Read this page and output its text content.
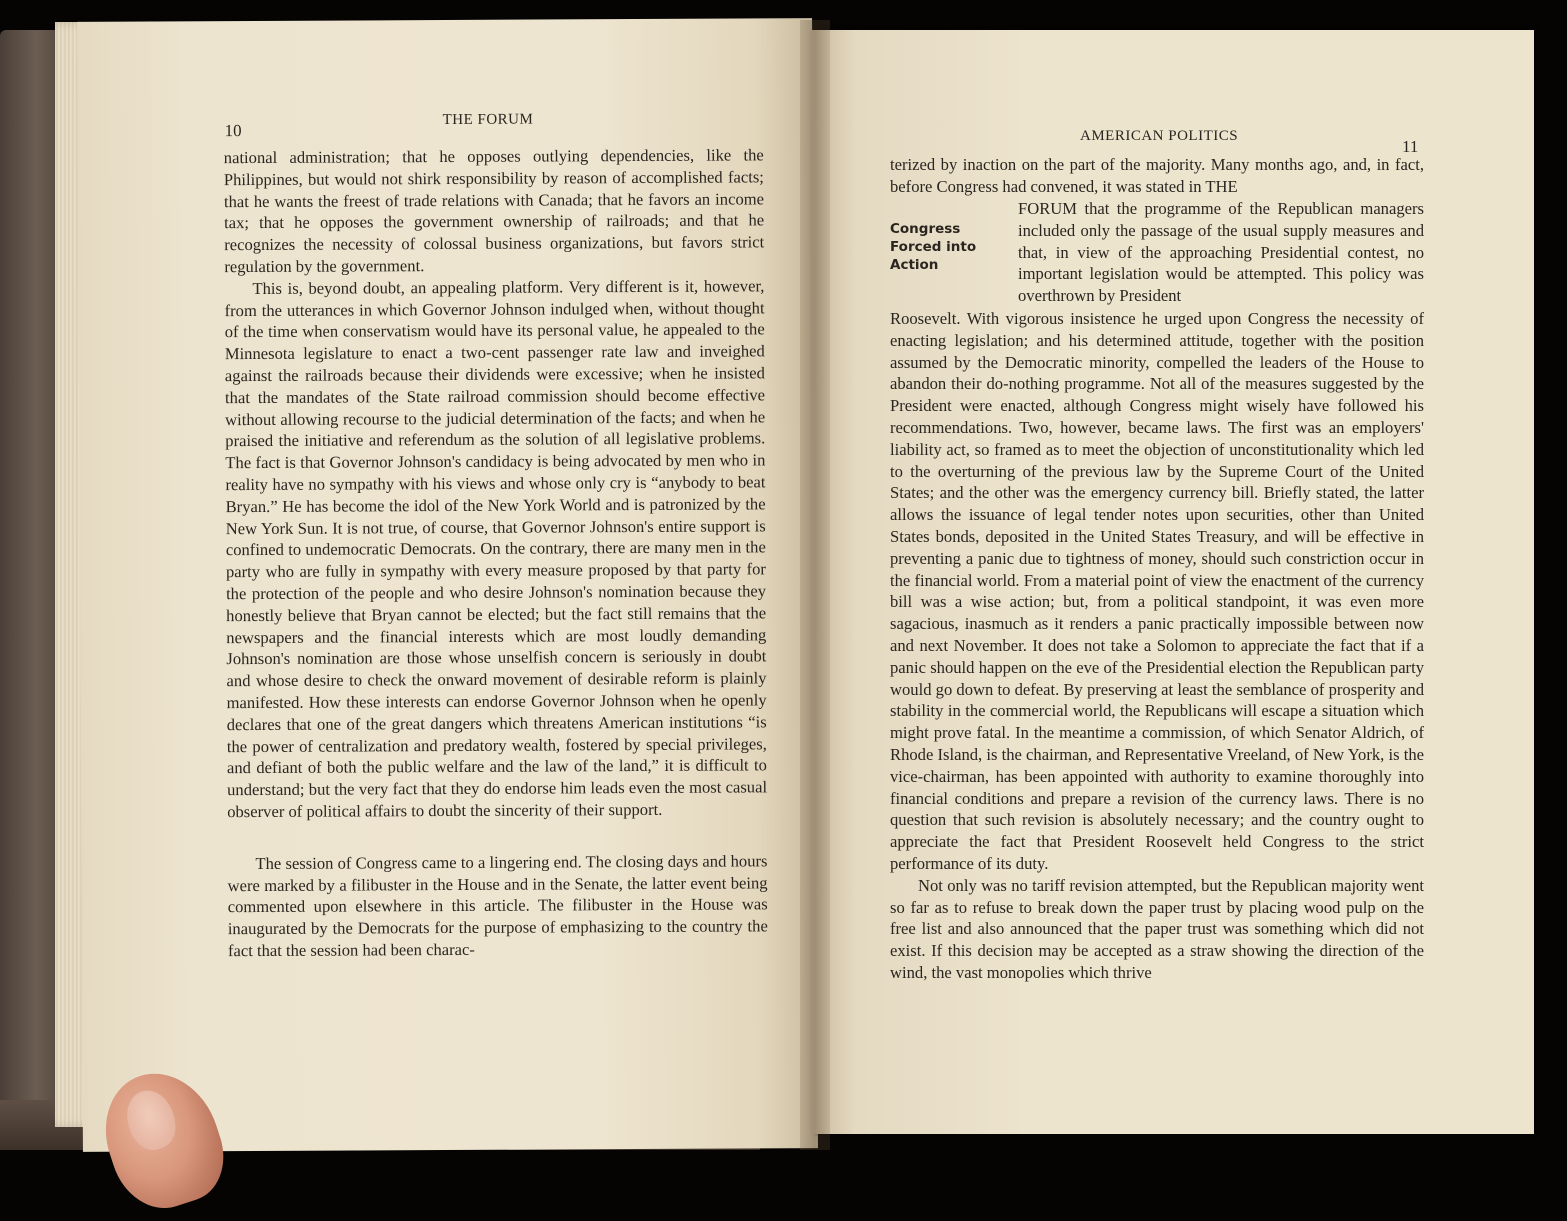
10
THE FORUM

national administration; that he opposes outlying dependencies, like the Philippines, but would not shirk responsibility by reason of accomplished facts; that he wants the freest of trade relations with Canada; that he favors an income tax; that he opposes the government ownership of railroads; and that he recognizes the necessity of colossal business organizations, but favors strict regulation by the government.

This is, beyond doubt, an appealing platform. Very different is it, however, from the utterances in which Governor Johnson indulged when, without thought of the time when conservatism would have its personal value, he appealed to the Minnesota legislature to enact a two-cent passenger rate law and inveighed against the railroads because their dividends were excessive; when he insisted that the mandates of the State railroad commission should become effective without allowing recourse to the judicial determination of the facts; and when he praised the initiative and referendum as the solution of all legislative problems. The fact is that Governor Johnson's candidacy is being advocated by men who in reality have no sympathy with his views and whose only cry is “anybody to beat Bryan.” He has become the idol of the New York World and is patronized by the New York Sun. It is not true, of course, that Governor Johnson's entire support is confined to undemocratic Democrats. On the contrary, there are many men in the party who are fully in sympathy with every measure proposed by that party for the protection of the people and who desire Johnson's nomination because they honestly believe that Bryan cannot be elected; but the fact still remains that the newspapers and the financial interests which are most loudly demanding Johnson's nomination are those whose unselfish concern is seriously in doubt and whose desire to check the onward movement of desirable reform is plainly manifested. How these interests can endorse Governor Johnson when he openly declares that one of the great dangers which threatens American institutions “is the power of centralization and predatory wealth, fostered by special privileges, and defiant of both the public welfare and the law of the land,” it is difficult to understand; but the very fact that they do endorse him leads even the most casual observer of political affairs to doubt the sincerity of their support.

The session of Congress came to a lingering end. The closing days and hours were marked by a filibuster in the House and in the Senate, the latter event being commented upon elsewhere in this article. The filibuster in the House was inaugurated by the Democrats for the purpose of emphasizing to the country the fact that the session had been charac-

AMERICAN POLITICS
11
Congress
Forced into
Action

terized by inaction on the part of the majority. Many months ago, and, in fact, before Congress had convened, it was stated in THE

FORUM that the programme of the Republican managers included only the passage of the usual supply measures and that, in view of the approaching Presidential contest, no important legislation would be attempted. This policy was overthrown by President

Roosevelt. With vigorous insistence he urged upon Congress the necessity of enacting legislation; and his determined attitude, together with the position assumed by the Democratic minority, compelled the leaders of the House to abandon their do-nothing programme. Not all of the measures suggested by the President were enacted, although Congress might wisely have followed his recommendations. Two, however, became laws. The first was an employers' liability act, so framed as to meet the objection of unconstitutionality which led to the overturning of the previous law by the Supreme Court of the United States; and the other was the emergency currency bill. Briefly stated, the latter allows the issuance of legal tender notes upon securities, other than United States bonds, deposited in the United States Treasury, and will be effective in preventing a panic due to tightness of money, should such constriction occur in the financial world. From a material point of view the enactment of the currency bill was a wise action; but, from a political standpoint, it was even more sagacious, inasmuch as it renders a panic practically impossible between now and next November. It does not take a Solomon to appreciate the fact that if a panic should happen on the eve of the Presidential election the Republican party would go down to defeat. By preserving at least the semblance of prosperity and stability in the commercial world, the Republicans will escape a situation which might prove fatal. In the meantime a commission, of which Senator Aldrich, of Rhode Island, is the chairman, and Representative Vreeland, of New York, is the vice-chairman, has been appointed with authority to examine thoroughly into financial conditions and prepare a revision of the currency laws. There is no question that such revision is absolutely necessary; and the country ought to appreciate the fact that President Roosevelt held Congress to the strict performance of its duty.

Not only was no tariff revision attempted, but the Republican majority went so far as to refuse to break down the paper trust by placing wood pulp on the free list and also announced that the paper trust was something which did not exist. If this decision may be accepted as a straw showing the direction of the wind, the vast monopolies which thrive
